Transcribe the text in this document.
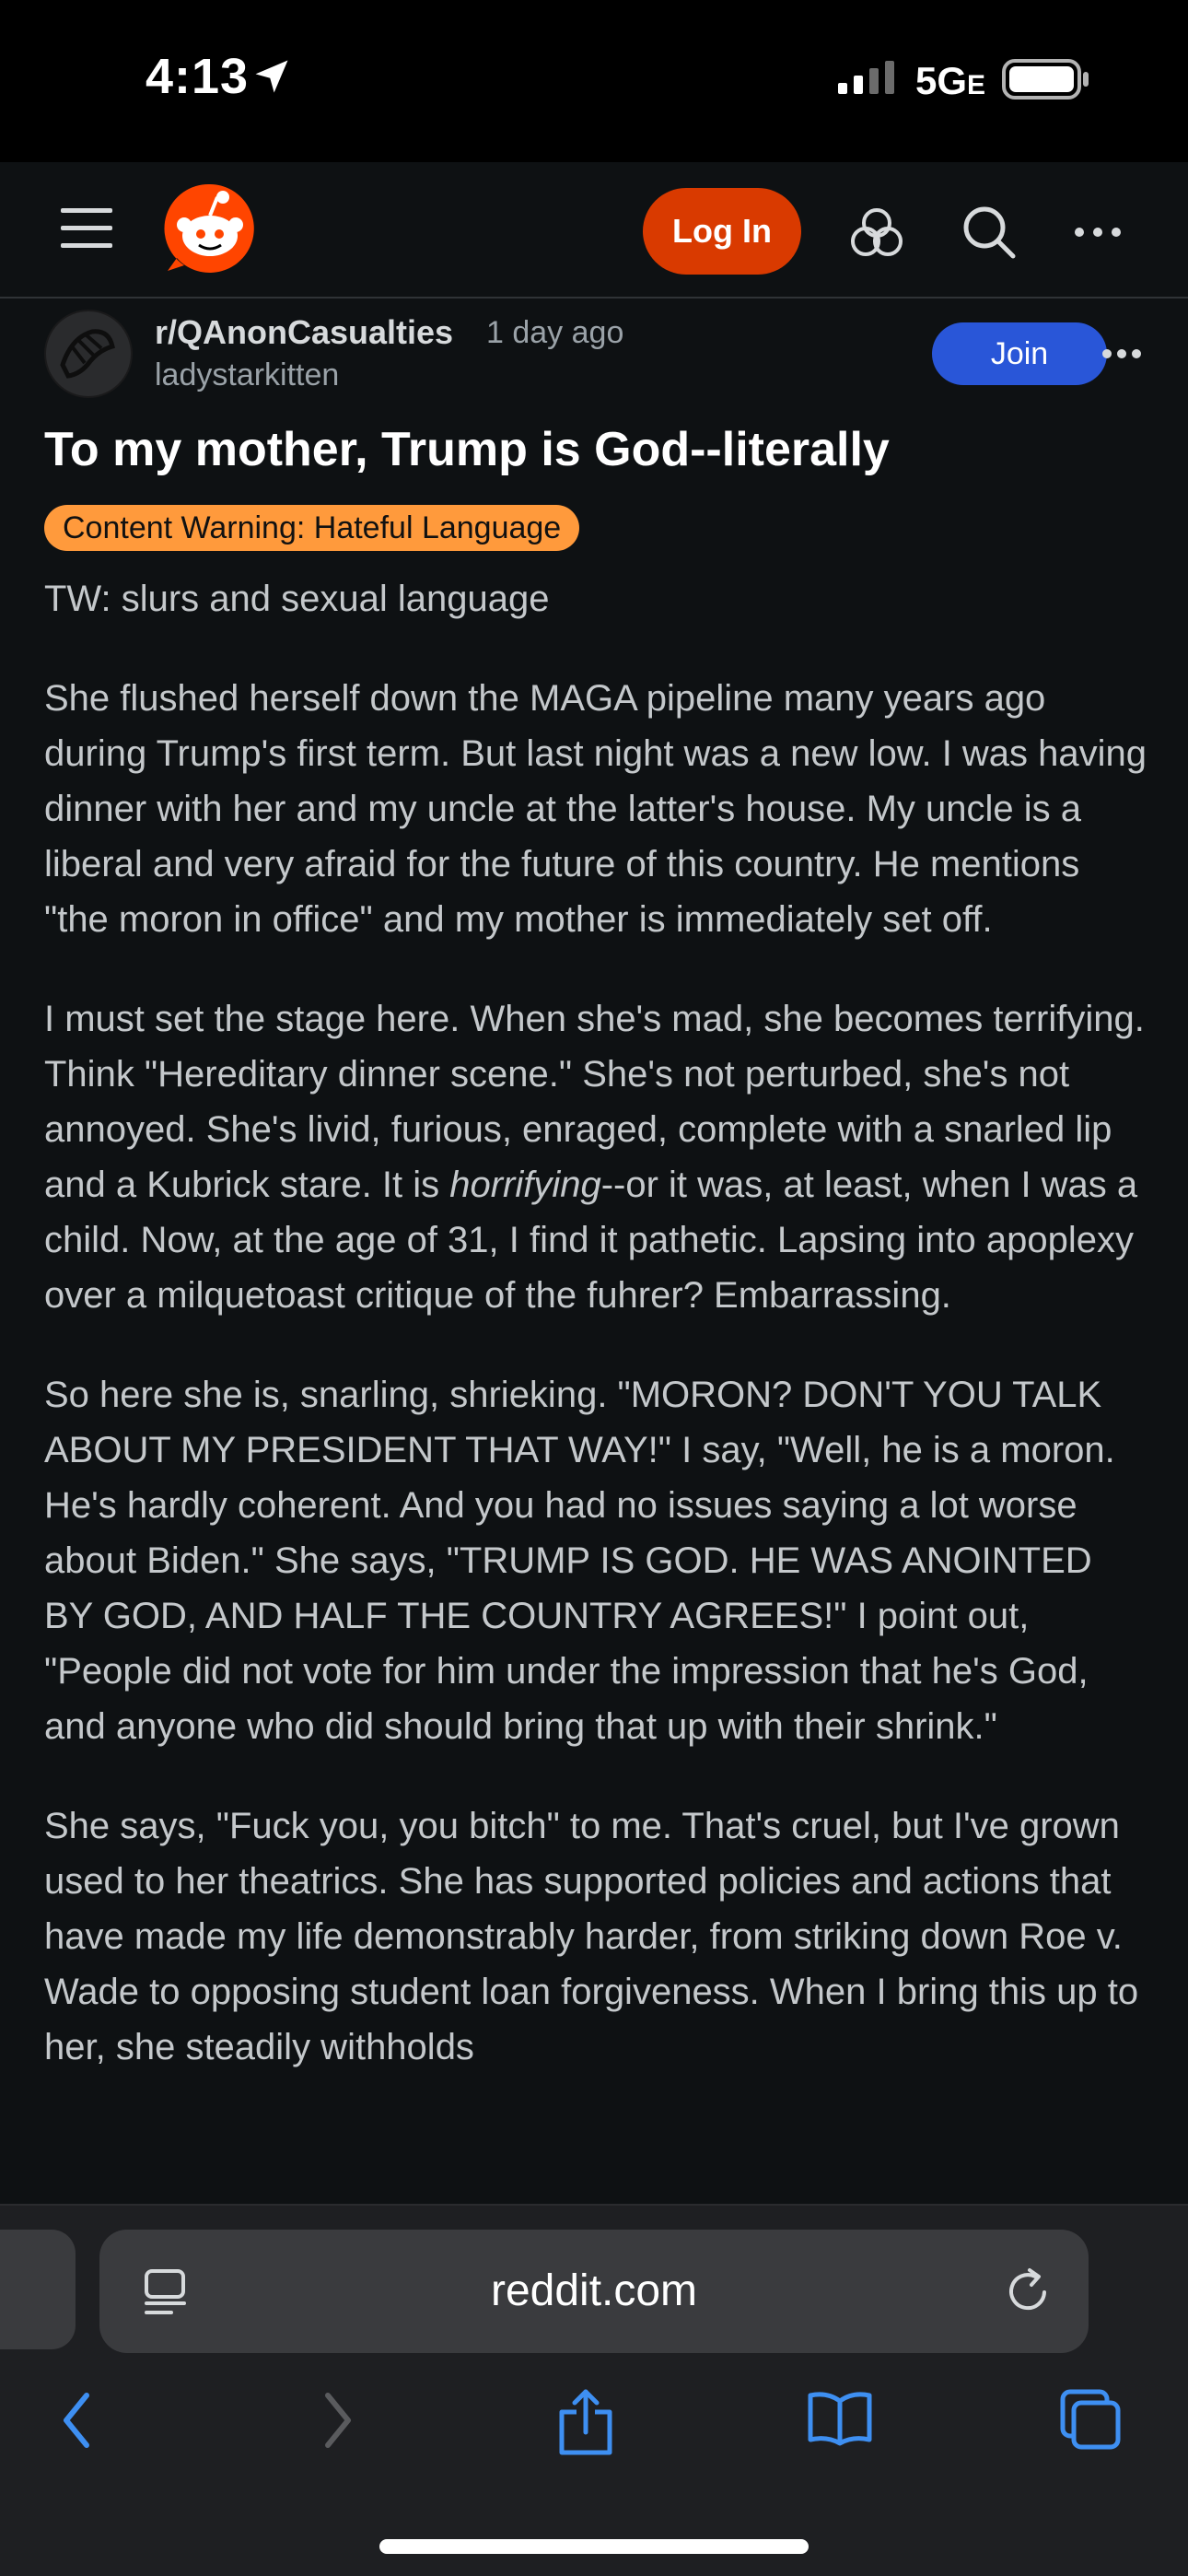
4:13	5GE
Log In
r/QAnonCasualties 1 day ago
ladystarkitten
Join
To my mother, Trump is God--literally
Content Warning: Hateful Language

TW: slurs and sexual language

She flushed herself down the MAGA pipeline many years ago during Trump's first term. But last night was a new low. I was having dinner with her and my uncle at the latter's house. My uncle is a liberal and very afraid for the future of this country. He mentions "the moron in office" and my mother is immediately set off.

I must set the stage here. When she's mad, she becomes terrifying. Think "Hereditary dinner scene." She's not perturbed, she's not annoyed. She's livid, furious, enraged, complete with a snarled lip and a Kubrick stare. It is horrifying--or it was, at least, when I was a child. Now, at the age of 31, I find it pathetic. Lapsing into apoplexy over a milquetoast critique of the fuhrer? Embarrassing.

So here she is, snarling, shrieking. "MORON? DON'T YOU TALK ABOUT MY PRESIDENT THAT WAY!" I say, "Well, he is a moron. He's hardly coherent. And you had no issues saying a lot worse about Biden." She says, "TRUMP IS GOD. HE WAS ANOINTED BY GOD, AND HALF THE COUNTRY AGREES!" I point out, "People did not vote for him under the impression that he's God, and anyone who did should bring that up with their shrink."

She says, "Fuck you, you bitch" to me. That's cruel, but I've grown used to her theatrics. She has supported policies and actions that have made my life demonstrably harder, from striking down Roe v. Wade to opposing student loan forgiveness. When I bring this up to her, she steadily withholds

reddit.com
